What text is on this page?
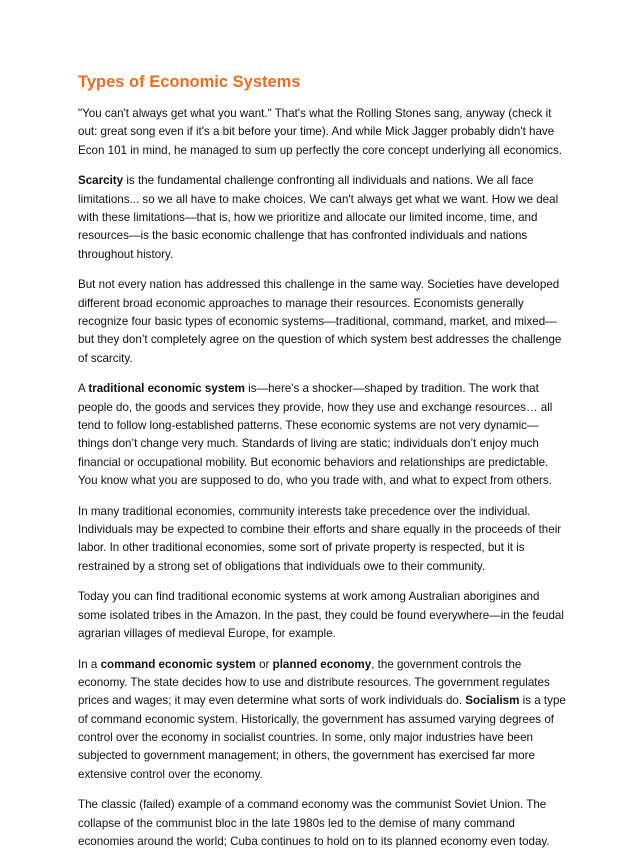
Types of Economic Systems

"You can't always get what you want." That's what the Rolling Stones sang, anyway (check it out: great song even if it's a bit before your time). And while Mick Jagger probably didn't have Econ 101 in mind, he managed to sum up perfectly the core concept underlying all economics.

Scarcity is the fundamental challenge confronting all individuals and nations. We all face limitations... so we all have to make choices. We can't always get what we want. How we deal with these limitations—that is, how we prioritize and allocate our limited income, time, and resources—is the basic economic challenge that has confronted individuals and nations throughout history.

But not every nation has addressed this challenge in the same way. Societies have developed different broad economic approaches to manage their resources. Economists generally recognize four basic types of economic systems—traditional, command, market, and mixed—but they don’t completely agree on the question of which system best addresses the challenge of scarcity.

A traditional economic system is—here's a shocker—shaped by tradition. The work that people do, the goods and services they provide, how they use and exchange resources… all tend to follow long-established patterns. These economic systems are not very dynamic—things don’t change very much. Standards of living are static; individuals don’t enjoy much financial or occupational mobility. But economic behaviors and relationships are predictable. You know what you are supposed to do, who you trade with, and what to expect from others.

In many traditional economies, community interests take precedence over the individual. Individuals may be expected to combine their efforts and share equally in the proceeds of their labor. In other traditional economies, some sort of private property is respected, but it is restrained by a strong set of obligations that individuals owe to their community.

Today you can find traditional economic systems at work among Australian aborigines and some isolated tribes in the Amazon. In the past, they could be found everywhere—in the feudal agrarian villages of medieval Europe, for example.

In a command economic system or planned economy, the government controls the economy. The state decides how to use and distribute resources. The government regulates prices and wages; it may even determine what sorts of work individuals do. Socialism is a type of command economic system. Historically, the government has assumed varying degrees of control over the economy in socialist countries. In some, only major industries have been subjected to government management; in others, the government has exercised far more extensive control over the economy.

The classic (failed) example of a command economy was the communist Soviet Union. The collapse of the communist bloc in the late 1980s led to the demise of many command economies around the world; Cuba continues to hold on to its planned economy even today.
